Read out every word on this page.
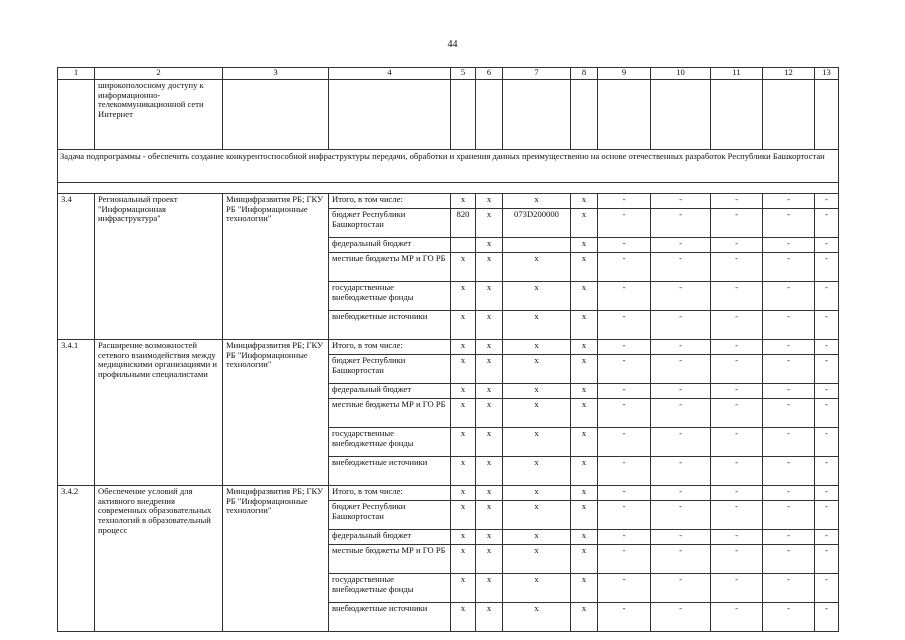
44
1	2	3	4	5	6	7	8	9	10	11	12	13
	широкополосному доступу к информационно-телекоммуникационной сети Интернет											
Задача подпрограммы - обеспечить создание конкурентоспособной инфраструктуры передачи, обработки и хранения данных преимущественно на основе отечественных разработок Республики Башкортостан												

3.4	Региональный проект "Информационная инфраструктура"	Минцифразвития РБ; ГКУ РБ "Информационные технологии"	Итого, в том числе:	x	x	x	x	-	-	-	-	-
			бюджет Республики Башкортостан	820	x	073D200000	x	-	-	-	-	-
			федеральный бюджет		x		x	-	-	-	-	-
			местные бюджеты МР и ГО РБ	x	x	x	x	-	-	-	-	-
			государственные внебюджетные фонды	x	x	x	x	-	-	-	-	-
			внебюджетные источники	x	x	x	x	-	-	-	-	-
3.4.1	Расширение возможностей сетевого взаимодействия между медицинскими организациями и профильными специалистами	Минцифразвития РБ; ГКУ РБ "Информационные технологии"	Итого, в том числе:	x	x	x	x	-	-	-	-	-
			бюджет Республики Башкортостан	x	x	x	x	-	-	-	-	-
			федеральный бюджет	x	x	x	x	-	-	-	-	-
			местные бюджеты МР и ГО РБ	x	x	x	x	-	-	-	-	-
			государственные внебюджетные фонды	x	x	x	x	-	-	-	-	-
			внебюджетные источники	x	x	x	x	-	-	-	-	-
3.4.2	Обеспечение условий для активного внедрения современных образовательных технологий в образовательный процесс	Минцифразвития РБ; ГКУ РБ "Информационные технологии"	Итого, в том числе:	x	x	x	x	-	-	-	-	-
			бюджет Республики Башкортостан	x	x	x	x	-	-	-	-	-
			федеральный бюджет	x	x	x	x	-	-	-	-	-
			местные бюджеты МР и ГО РБ	x	x	x	x	-	-	-	-	-
			государственные внебюджетные фонды	x	x	x	x	-	-	-	-	-
			внебюджетные источники	x	x	x	x	-	-	-	-	-
